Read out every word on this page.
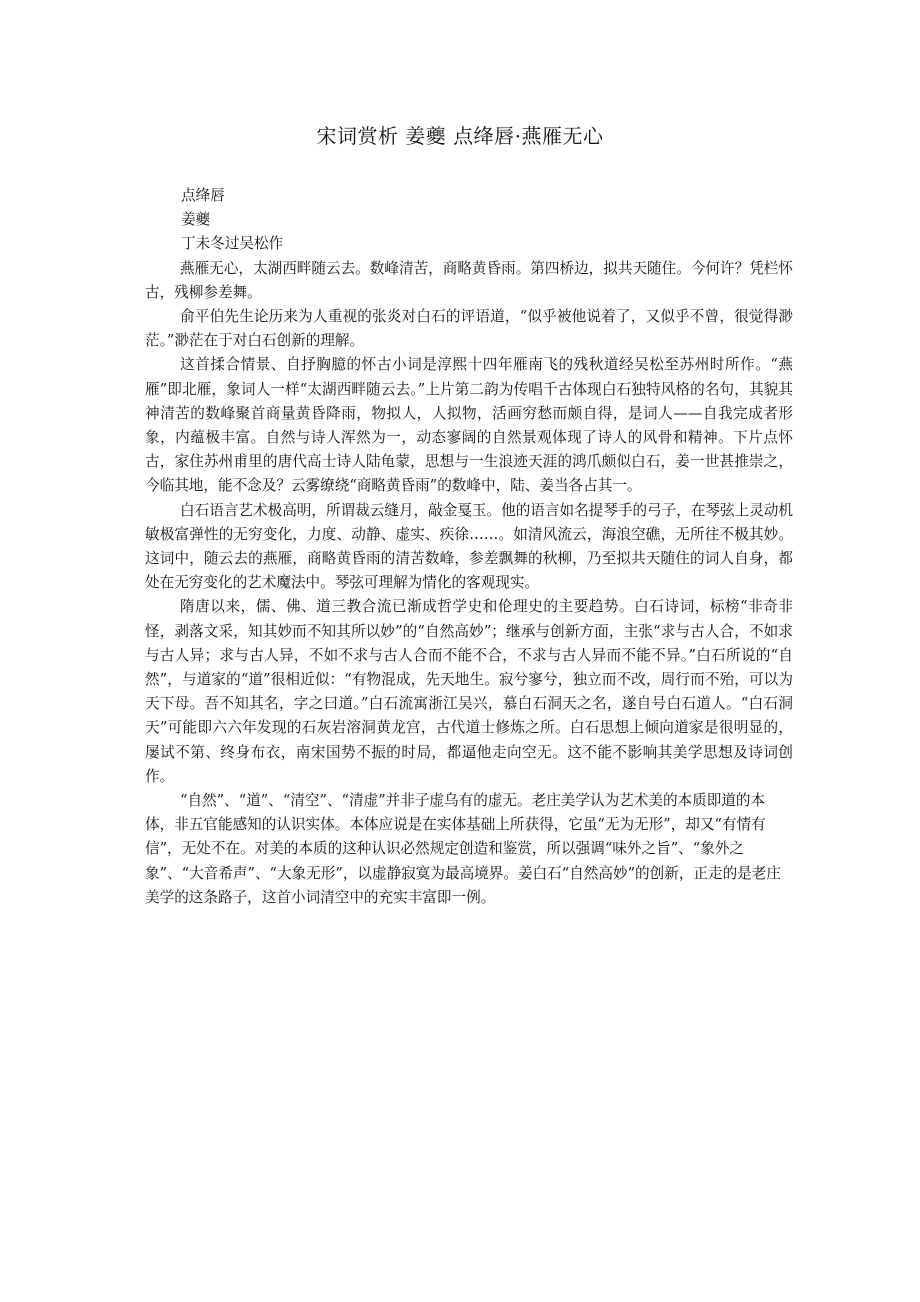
宋词赏析 姜夔 点绛唇·燕雁无心

点绛唇

姜夔

丁未冬过吴松作

燕雁无心，太湖西畔随云去。数峰清苦，商略黄昏雨。第四桥边，拟共天随住。今何许？凭栏怀古，残柳参差舞。

俞平伯先生论历来为人重视的张炎对白石的评语道，“似乎被他说着了，又似乎不曾，很觉得渺茫。”渺茫在于对白石创新的理解。

这首揉合情景、自抒胸臆的怀古小词是淳熙十四年雁南飞的残秋道经吴松至苏州时所作。“燕雁”即北雁，象词人一样“太湖西畔随云去。”上片第二韵为传唱千古体现白石独特风格的名句，其貌其神清苦的数峰聚首商量黄昏降雨，物拟人，人拟物，活画穷愁而颇自得，是词人——自我完成者形象，内蕴极丰富。自然与诗人浑然为一，动态寥阔的自然景观体现了诗人的风骨和精神。下片点怀古，家住苏州甫里的唐代高士诗人陆龟蒙，思想与一生浪迹天涯的鸿爪颇似白石，姜一世甚推崇之，今临其地，能不念及？云雾缭绕“商略黄昏雨”的数峰中，陆、姜当各占其一。

白石语言艺术极高明，所谓裁云缝月，敲金戛玉。他的语言如名提琴手的弓子，在琴弦上灵动机敏极富弹性的无穷变化，力度、动静、虚实、疾徐……。如清风流云，海浪空礁，无所往不极其妙。这词中，随云去的燕雁，商略黄昏雨的清苦数峰，参差飘舞的秋柳，乃至拟共天随住的词人自身，都处在无穷变化的艺术魔法中。琴弦可理解为情化的客观现实。

隋唐以来，儒、佛、道三教合流已渐成哲学史和伦理史的主要趋势。白石诗词，标榜“非奇非怪，剥落文采，知其妙而不知其所以妙”的“自然高妙”；继承与创新方面，主张“求与古人合，不如求与古人异；求与古人异，不如不求与古人合而不能不合，不求与古人异而不能不异。”白石所说的“自然”，与道家的“道”很相近似：“有物混成，先天地生。寂兮寥兮，独立而不改，周行而不殆，可以为天下母。吾不知其名，字之曰道。”白石流寓浙江吴兴，慕白石洞天之名，遂自号白石道人。“白石洞天”可能即六六年发现的石灰岩溶洞黄龙宫，古代道士修炼之所。白石思想上倾向道家是很明显的，屡试不第、终身布衣，南宋国势不振的时局，都逼他走向空无。这不能不影响其美学思想及诗词创作。

“自然”、“道”、“清空”、“清虚”并非子虚乌有的虚无。老庄美学认为艺术美的本质即道的本体，非五官能感知的认识实体。本体应说是在实体基础上所获得，它虽“无为无形”，却又“有情有信”，无处不在。对美的本质的这种认识必然规定创造和鉴赏，所以强调“味外之旨”、“象外之象”、“大音希声”、“大象无形”，以虚静寂寞为最高境界。姜白石“自然高妙”的创新，正走的是老庄美学的这条路子，这首小词清空中的充实丰富即一例。
